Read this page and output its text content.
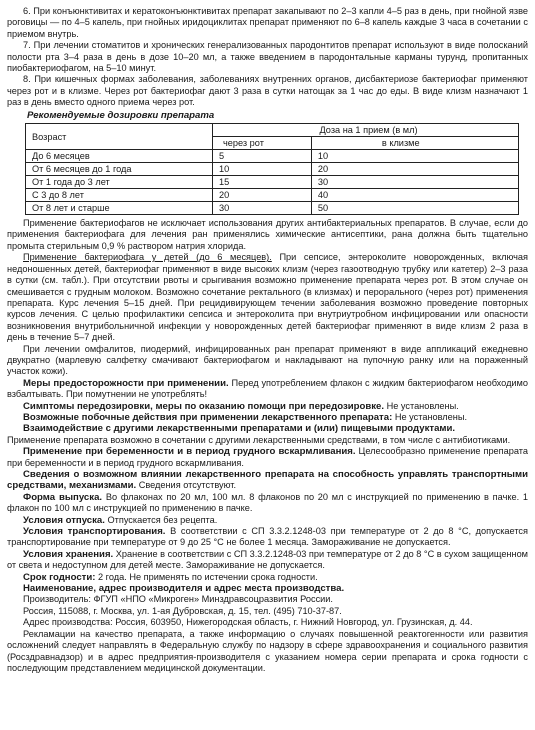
6. При конъюнктивитах и кератоконъюнктивитах препарат закапывают по 2–3 капли 4–5 раз в день, при гнойной язве роговицы — по 4–5 капель, при гнойных иридоциклитах препарат применяют по 6–8 капель каждые 3 часа в сочетании с приемом внутрь.

7. При лечении стоматитов и хронических генерализованных пародонтитов препарат используют в виде полосканий полости рта 3–4 раза в день в дозе 10–20 мл, а также введением в пародонтальные карманы турунд, пропитанных пиобактериофагом, на 5–10 минут.

8. При кишечных формах заболевания, заболеваниях внутренних органов, дисбактериозе бактериофаг применяют через рот и в клизме. Через рот бактериофаг дают 3 раза в сутки натощак за 1 час до еды. В виде клизм назначают 1 раз в день вместо одного приема через рот.

Рекомендуемые дозировки препарата
Возраст	Доза на 1 прием (в мл)	
	через рот	в клизме
До 6 месяцев	5	10
От 6 месяцев до 1 года	10	20
От 1 года до 3 лет	15	30
С 3 до 8 лет	20	40
От 8 лет и старше	30	50

Применение бактериофагов не исключает использования других антибактериальных препаратов. В случае, если до применения бактериофага для лечения ран применялись химические антисептики, рана должна быть тщательно промыта стерильным 0,9 % раствором натрия хлорида.

Применение бактериофага у детей (до 6 месяцев). При сепсисе, энтероколите новорожденных, включая недоношенных детей, бактериофаг применяют в виде высоких клизм (через газоотводную трубку или катетер) 2–3 раза в сутки (см. табл.). При отсутствии рвоты и срыгивания возможно применение препарата через рот. В этом случае он смешивается с грудным молоком. Возможно сочетание ректального (в клизмах) и перорального (через рот) применения препарата. Курс лечения 5–15 дней. При рецидивирующем течении заболевания возможно проведение повторных курсов лечения. С целью профилактики сепсиса и энтероколита при внутриутробном инфицировании или опасности возникновения внутрибольничной инфекции у новорожденных детей бактериофаг применяют в виде клизм 2 раза в день в течение 5–7 дней.

При лечении омфалитов, пиодермий, инфицированных ран препарат применяют в виде аппликаций ежедневно двукратно (марлевую салфетку смачивают бактериофагом и накладывают на пупочную ранку или на пораженный участок кожи).

Меры предосторожности при применении. Перед употреблением флакон с жидким бактериофагом необходимо взбалтывать. При помутнении не употреблять!

Симптомы передозировки, меры по оказанию помощи при передозировке. Не установлены.

Возможные побочные действия при применении лекарственного препарата: Не установлены.

Взаимодействие с другими лекарственными препаратами и (или) пищевыми продуктами.

Применение препарата возможно в сочетании с другими лекарственными средствами, в том числе с антибиотиками.

Применение при беременности и в период грудного вскармливания. Целесообразно применение препарата при беременности и в период грудного вскармливания.

Сведения о возможном влиянии лекарственного препарата на способность управлять транспортными средствами, механизмами. Сведения отсутствуют.

Форма выпуска. Во флаконах по 20 мл, 100 мл. 8 флаконов по 20 мл с инструкцией по применению в пачке. 1 флакон по 100 мл с инструкцией по применению в пачке.

Условия отпуска. Отпускается без рецепта.

Условия транспортирования. В соответствии с СП 3.3.2.1248-03 при температуре от 2 до 8 °С, допускается транспортирование при температуре от 9 до 25 °С не более 1 месяца. Замораживание не допускается.

Условия хранения. Хранение в соответствии с СП 3.3.2.1248-03 при температуре от 2 до 8 °С в сухом защищенном от света и недоступном для детей месте. Замораживание не допускается.

Срок годности: 2 года. Не применять по истечении срока годности.

Наименование, адрес производителя и адрес места производства.

Производитель: ФГУП «НПО «Микроген» Минздравсоцразвития России.

Россия, 115088, г. Москва, ул. 1-ая Дубровская, д. 15, тел. (495) 710-37-87.

Адрес производства: Россия, 603950, Нижегородская область, г. Нижний Новгород, ул. Грузинская, д. 44.

Рекламации на качество препарата, а также информацию о случаях повышенной реактогенности или развития осложнений следует направлять в Федеральную службу по надзору в сфере здравоохранения и социального развития (Росздравнадзор) и в адрес предприятия-производителя с указанием номера серии препарата и срока годности с последующим представлением медицинской документации.
